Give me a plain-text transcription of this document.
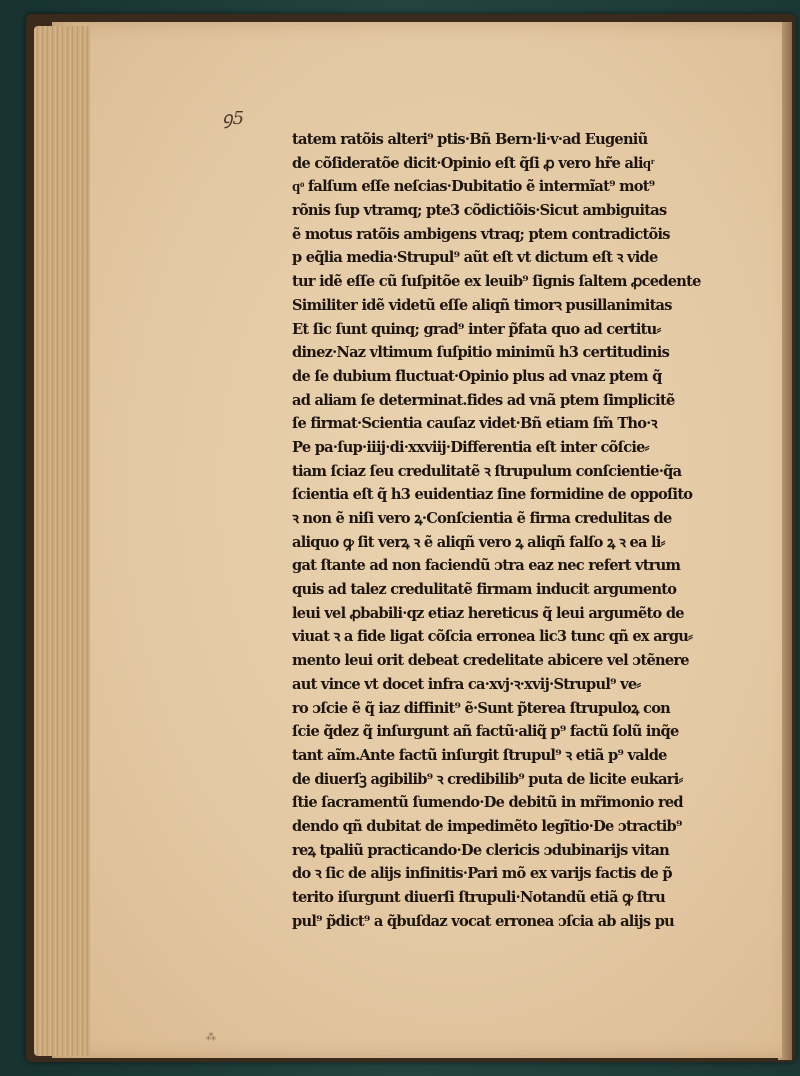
ꝯ5
⁂
tatem ratõis alteri⁹ ptis·Bñ Bern·li·v·ad Eugeniũ
de cõſideratõe dicit·Opinio eſt q̃ſi ꝓ vero hr̃e aliqͬ
qͦ falſum eſſe neſcias·Dubitatio ẽ intermĩat⁹ mot⁹
rõnis ſup vtramq; pte3 cõdictiõis·Sicut ambiguitas
ẽ motus ratõis ambigens vtraq; ptem contradictõis
p eq̃lia media·Strupul⁹ aũt eſt vt dictum eſt ꝛ vide
tur idẽ eſſe cũ ſuſpitõe ex leuib⁹ ſignis ſaltem ꝓcedente
Similiter idẽ videtũ eſſe aliqñ timorꝛ pusillanimitas
Et ſic ſunt quinq; grad⁹ inter p̃fata quo ad certitu⸗
dinez·Naz vltimum ſuſpitio minimũ h3 certitudinis
de ſe dubium fluctuat·Opinio plus ad vnaz ptem q̃
ad aliam ſe determinat.fides ad vnã ptem ſimplicitẽ
ſe firmat·Scientia cauſaz videt·Bñ etiam ſm̃ Tho·ꝛ
Pe pa·ſup·iiij·di·xxviij·Differentia eſt inter cõſcie⸗
tiam ſciaz ſeu credulitatẽ ꝛ ſtrupulum conſcientie·q̃a
ſcientia eſt q̃ h3 euidentiaz ſine formidine de oppoſito
ꝛ non ẽ niſi vero ꝝ·Conſcientia ẽ firma credulitas de
aliquo ꝙ ſit verꝝ ꝛ ẽ aliqñ vero ꝝ aliqñ falſo ꝝ ꝛ ea li⸗
gat ſtante ad non faciendũ ɔtra eaz nec refert vtrum
quis ad talez credulitatẽ firmam inducit argumento
leui vel ꝓbabili·qz etiaz hereticus q̃ leui argumẽto de
viuat ꝛ a fide ligat cõſcia erronea lic3 tunc qñ ex argu⸗
mento leui orit debeat credelitate abicere vel ɔtẽnere
aut vince vt docet infra ca·xvj·ꝛ·xvij·Strupul⁹ ve⸗
ro ɔſcie ẽ q̃ iaz diffinit⁹ ẽ·Sunt p̃terea ſtrupuloꝝ con
ſcie q̃dez q̃ inſurgunt añ factũ·aliq̃ p⁹ factũ ſolũ inq̃e
tant aĩm.Ante factũ inſurgit ſtrupul⁹ ꝛ etiã p⁹ valde
de diuerſꝫ agibilib⁹ ꝛ credibilib⁹ puta de licite eukari⸗
ſtie ſacramentũ ſumendo·De debitũ in mr̃imonio red
dendo qñ dubitat de impedimẽto legĩtio·De ɔtractib⁹
reꝝ tpaliũ practicando·De clericis ɔdubinarijs vitan
do ꝛ ſic de alijs infinitis·Pari mõ ex varijs factis de p̃
terito iſurgunt diuerſi ſtrupuli·Notandũ etiã ꝙ ſtru
pul⁹ p̃dict⁹ a q̃buſdaz vocat erronea ɔſcia ab alijs pu
